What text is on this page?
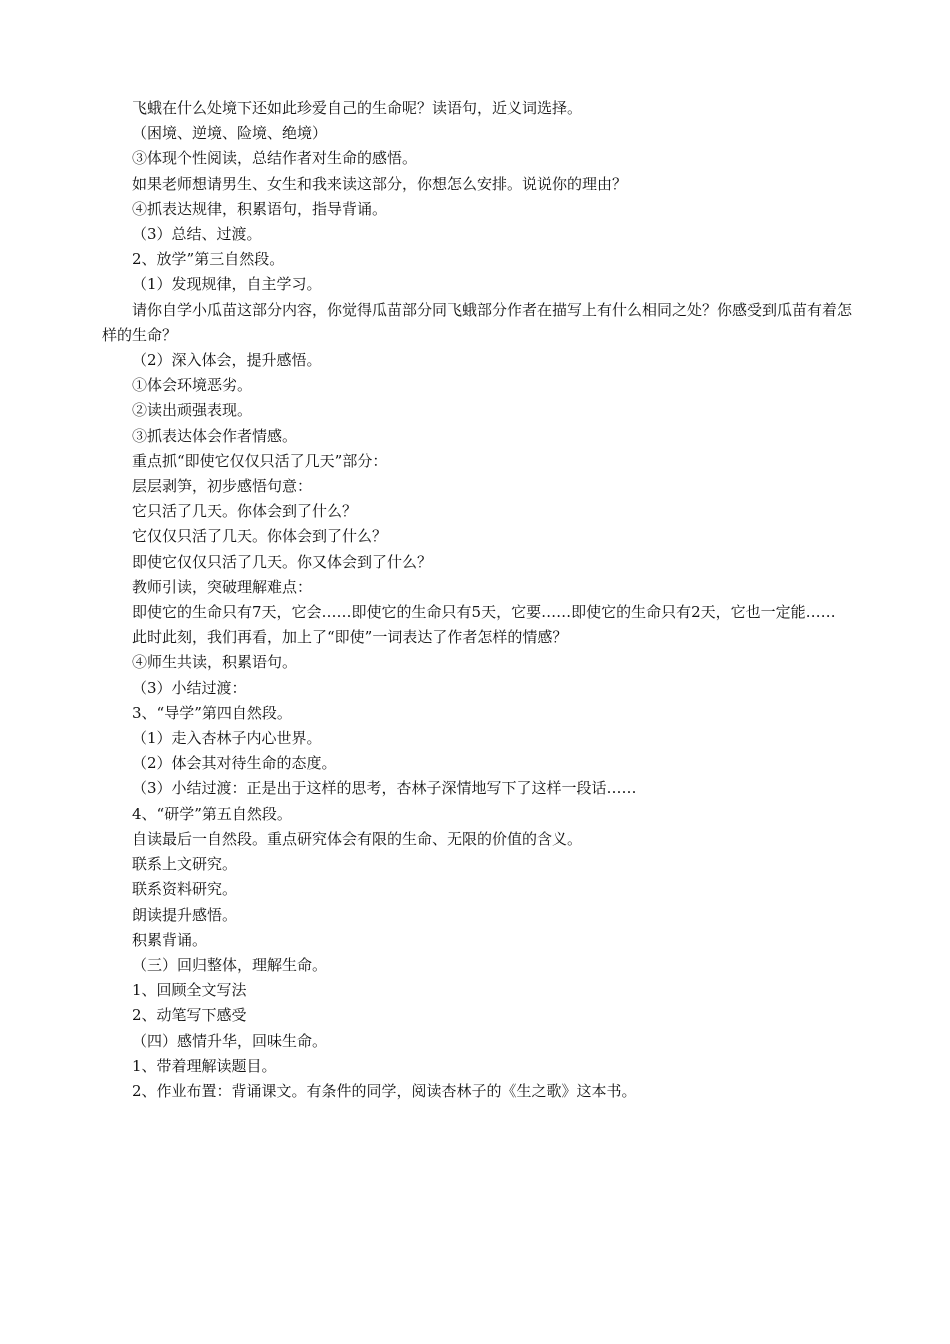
飞蛾在什么处境下还如此珍爱自己的生命呢？读语句，近义词选择。

（困境、逆境、险境、绝境）

③体现个性阅读，总结作者对生命的感悟。

如果老师想请男生、女生和我来读这部分，你想怎么安排。说说你的理由？

④抓表达规律，积累语句，指导背诵。

（3）总结、过渡。

2、放学”第三自然段。

（1）发现规律，自主学习。

请你自学小瓜苗这部分内容，你觉得瓜苗部分同飞蛾部分作者在描写上有什么相同之处？你感受到瓜苗有着怎样的生命？

（2）深入体会，提升感悟。

①体会环境恶劣。

②读出顽强表现。

③抓表达体会作者情感。

重点抓“即使它仅仅只活了几天”部分：

层层剥笋，初步感悟句意：

它只活了几天。你体会到了什么？

它仅仅只活了几天。你体会到了什么？

即使它仅仅只活了几天。你又体会到了什么？

教师引读，突破理解难点：

即使它的生命只有7天，它会……即使它的生命只有5天，它要……即使它的生命只有2天，它也一定能……

此时此刻，我们再看，加上了“即使”一词表达了作者怎样的情感？

④师生共读，积累语句。

（3）小结过渡：

3、“导学”第四自然段。

（1）走入杏林子内心世界。

（2）体会其对待生命的态度。

（3）小结过渡：正是出于这样的思考，杏林子深情地写下了这样一段话……

4、“研学”第五自然段。

自读最后一自然段。重点研究体会有限的生命、无限的价值的含义。

联系上文研究。

联系资料研究。

朗读提升感悟。

积累背诵。

（三）回归整体，理解生命。

1、回顾全文写法

2、动笔写下感受

（四）感情升华，回味生命。

1、带着理解读题目。

2、作业布置：背诵课文。有条件的同学，阅读杏林子的《生之歌》这本书。
